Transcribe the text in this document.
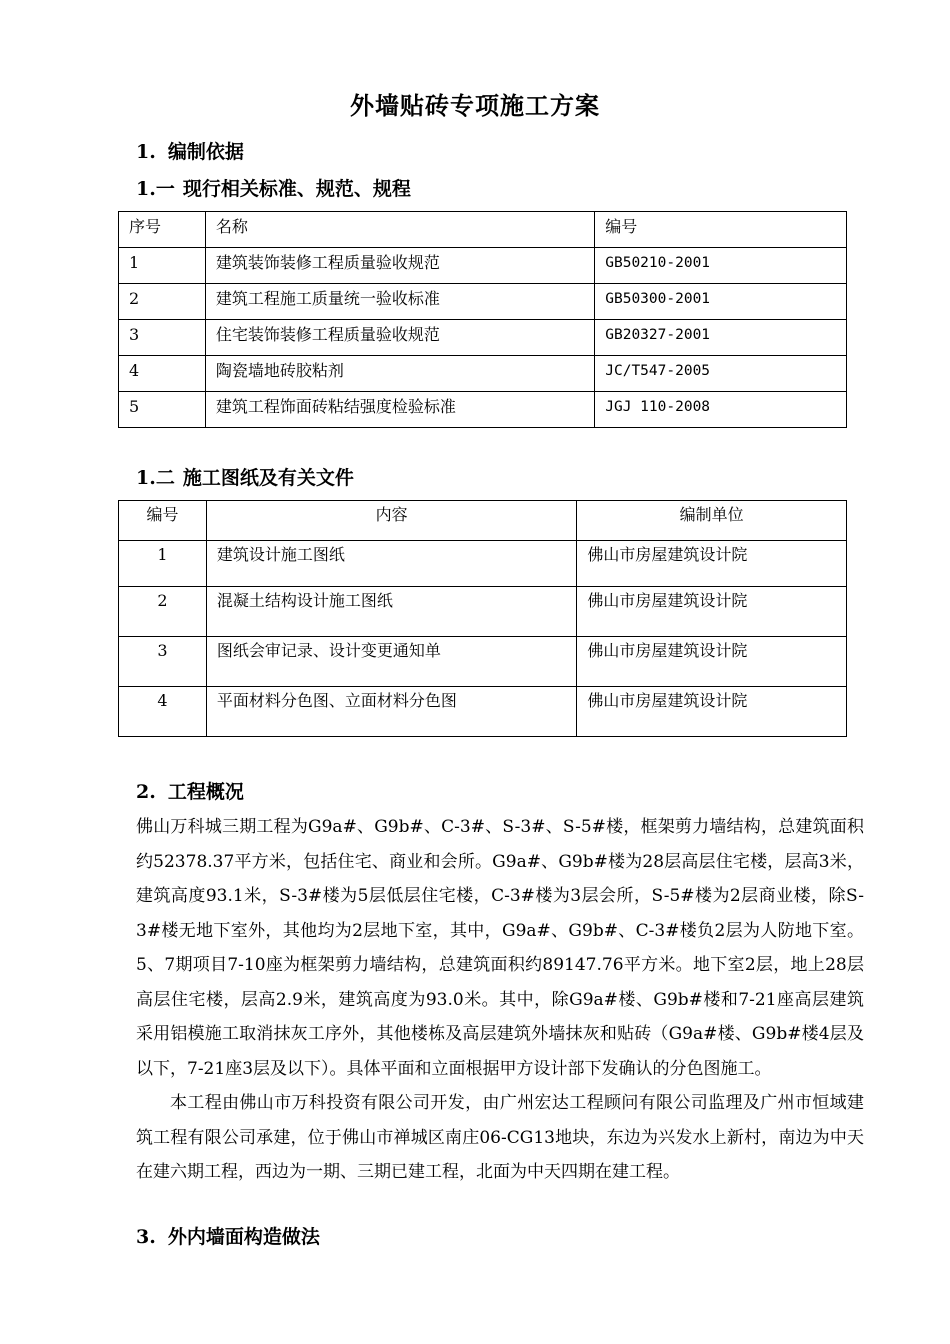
外墙贴砖专项施工方案
1. 编制依据
1.一 现行相关标准、规范、规程
序号	名称	编号
1	建筑装饰装修工程质量验收规范	GB50210-2001
2	建筑工程施工质量统一验收标准	GB50300-2001
3	住宅装饰装修工程质量验收规范	GB20327-2001
4	陶瓷墙地砖胶粘剂	JC/T547-2005
5	建筑工程饰面砖粘结强度检验标准	JGJ 110-2008
1.二 施工图纸及有关文件
编号	内容	编制单位
1	建筑设计施工图纸	佛山市房屋建筑设计院
2	混凝土结构设计施工图纸	佛山市房屋建筑设计院
3	图纸会审记录、设计变更通知单	佛山市房屋建筑设计院
4	平面材料分色图、立面材料分色图	佛山市房屋建筑设计院
2. 工程概况
佛山万科城三期工程为G9a#、G9b#、C-3#、S-3#、S-5#楼，框架剪力墙结构，总建筑面积约52378.37平方米，包括住宅、商业和会所。G9a#、G9b#楼为28层高层住宅楼，层高3米，建筑高度93.1米，S-3#楼为5层低层住宅楼，C-3#楼为3层会所，S-5#楼为2层商业楼，除S-3#楼无地下室外，其他均为2层地下室，其中，G9a#、G9b#、C-3#楼负2层为人防地下室。5、7期项目7-10座为框架剪力墙结构，总建筑面积约89147.76平方米。地下室2层，地上28层高层住宅楼，层高2.9米，建筑高度为93.0米。其中，除G9a#楼、G9b#楼和7-21座高层建筑采用铝模施工取消抹灰工序外，其他楼栋及高层建筑外墙抹灰和贴砖（G9a#楼、G9b#楼4层及以下，7-21座3层及以下）。具体平面和立面根据甲方设计部下发确认的分色图施工。
本工程由佛山市万科投资有限公司开发，由广州宏达工程顾问有限公司监理及广州市恒域建筑工程有限公司承建，位于佛山市禅城区南庄06-CG13地块，东边为兴发水上新村，南边为中天在建六期工程，西边为一期、三期已建工程，北面为中天四期在建工程。
3. 外内墙面构造做法
